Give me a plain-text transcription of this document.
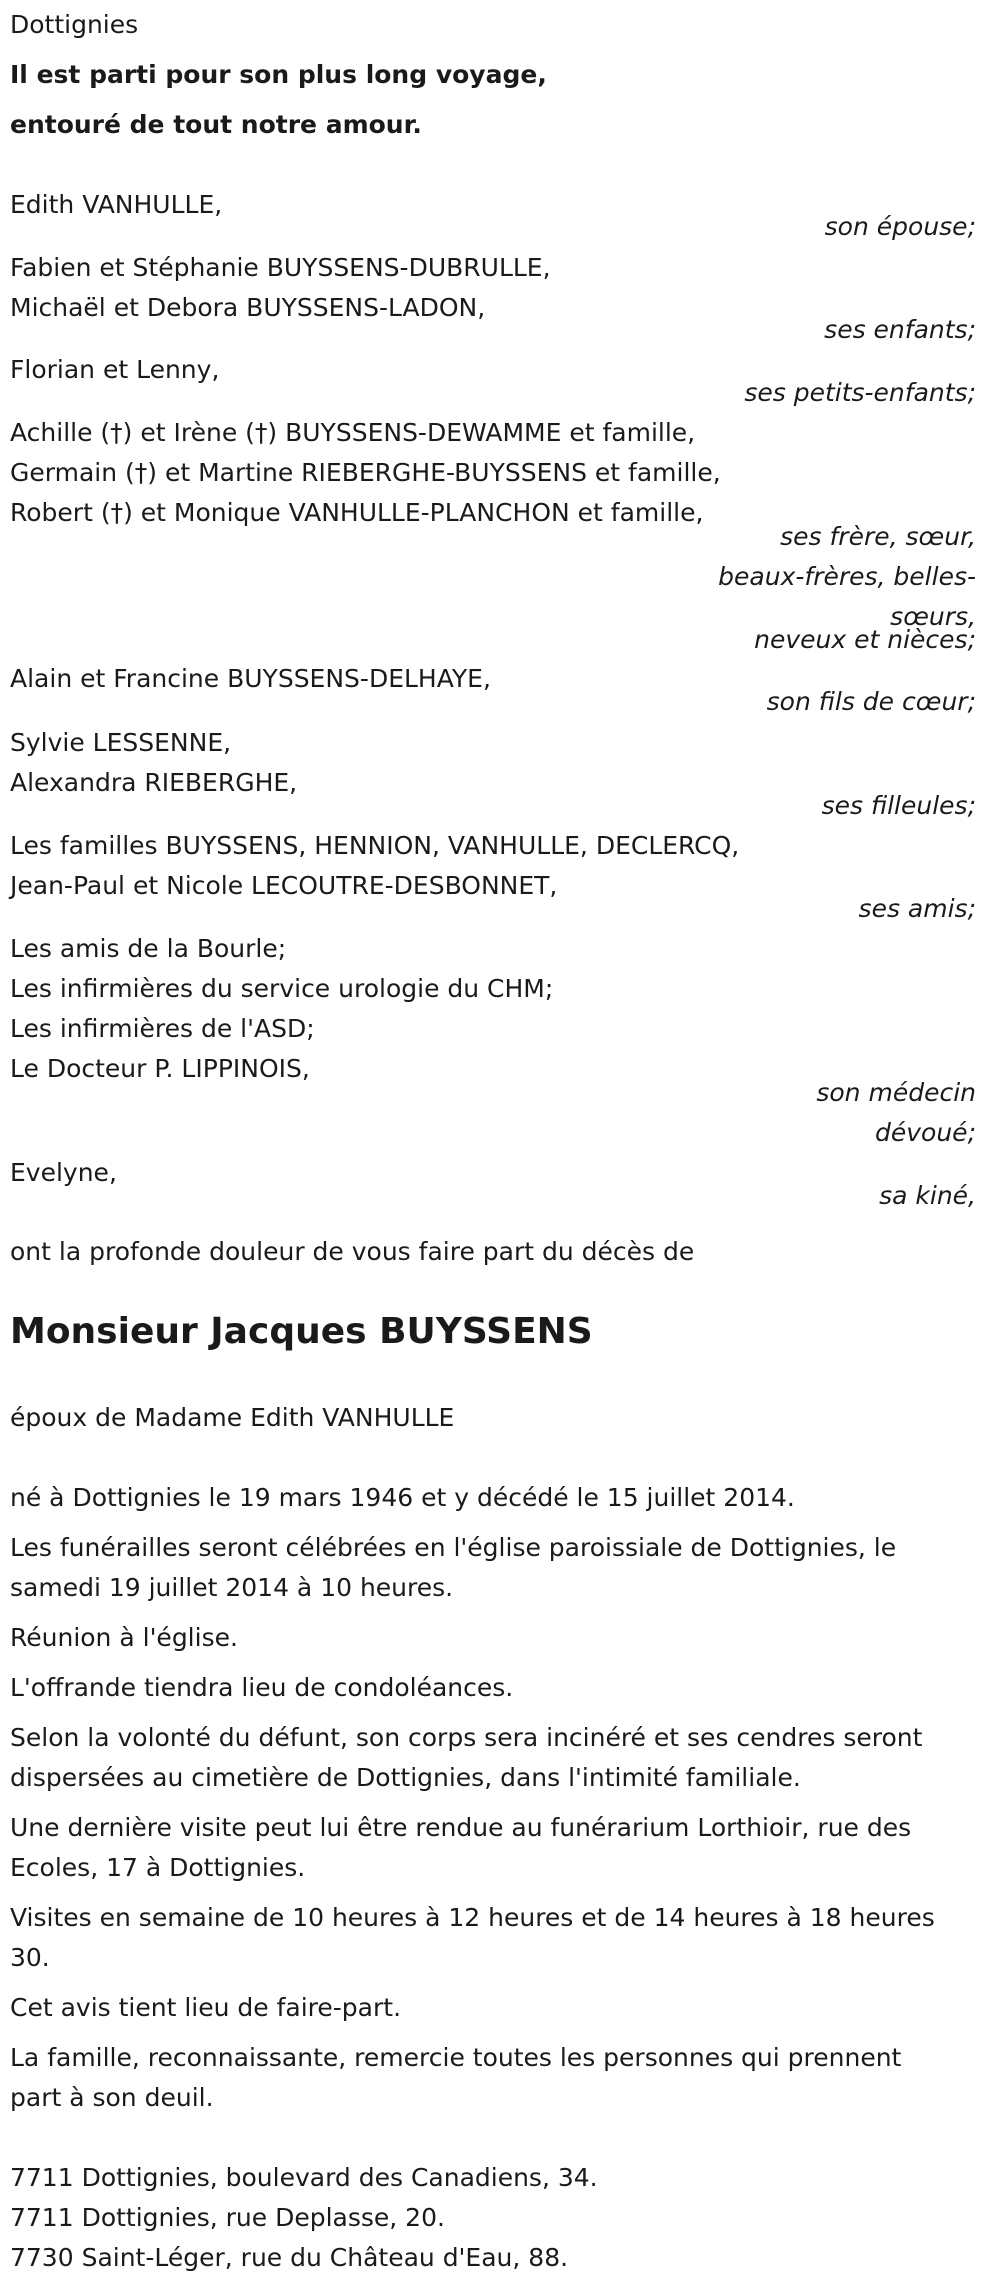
Dottignies
Il est parti pour son plus long voyage,
entouré de tout notre amour.
Edith VANHULLE,
son épouse;
Fabien et Stéphanie BUYSSENS-DUBRULLE,
Michaël et Debora BUYSSENS-LADON,
ses enfants;
Florian et Lenny,
ses petits-enfants;
Achille (†) et Irène (†) BUYSSENS-DEWAMME et famille,
Germain (†) et Martine RIEBERGHE-BUYSSENS et famille,
Robert (†) et Monique VANHULLE-PLANCHON et famille,
ses frère, sœur,
beaux-frères, belles-
sœurs,
neveux et nièces;
Alain et Francine BUYSSENS-DELHAYE,
son fils de cœur;
Sylvie LESSENNE,
Alexandra RIEBERGHE,
ses filleules;
Les familles BUYSSENS, HENNION, VANHULLE, DECLERCQ,
Jean-Paul et Nicole LECOUTRE-DESBONNET,
ses amis;
Les amis de la Bourle;
Les infirmières du service urologie du CHM;
Les infirmières de l'ASD;
Le Docteur P. LIPPINOIS,
son médecin
dévoué;
Evelyne,
sa kiné,
ont la profonde douleur de vous faire part du décès de
Monsieur Jacques BUYSSENS
époux de Madame Edith VANHULLE
né à Dottignies le 19 mars 1946 et y décédé le 15 juillet 2014.
Les funérailles seront célébrées en l'église paroissiale de Dottignies, le
samedi 19 juillet 2014 à 10 heures.
Réunion à l'église.
L'offrande tiendra lieu de condoléances.
Selon la volonté du défunt, son corps sera incinéré et ses cendres seront
dispersées au cimetière de Dottignies, dans l'intimité familiale.
Une dernière visite peut lui être rendue au funérarium Lorthioir, rue des
Ecoles, 17 à Dottignies.
Visites en semaine de 10 heures à 12 heures et de 14 heures à 18 heures
30.
Cet avis tient lieu de faire-part.
La famille, reconnaissante, remercie toutes les personnes qui prennent
part à son deuil.
7711 Dottignies, boulevard des Canadiens, 34.
7711 Dottignies, rue Deplasse, 20.
7730 Saint-Léger, rue du Château d'Eau, 88.
